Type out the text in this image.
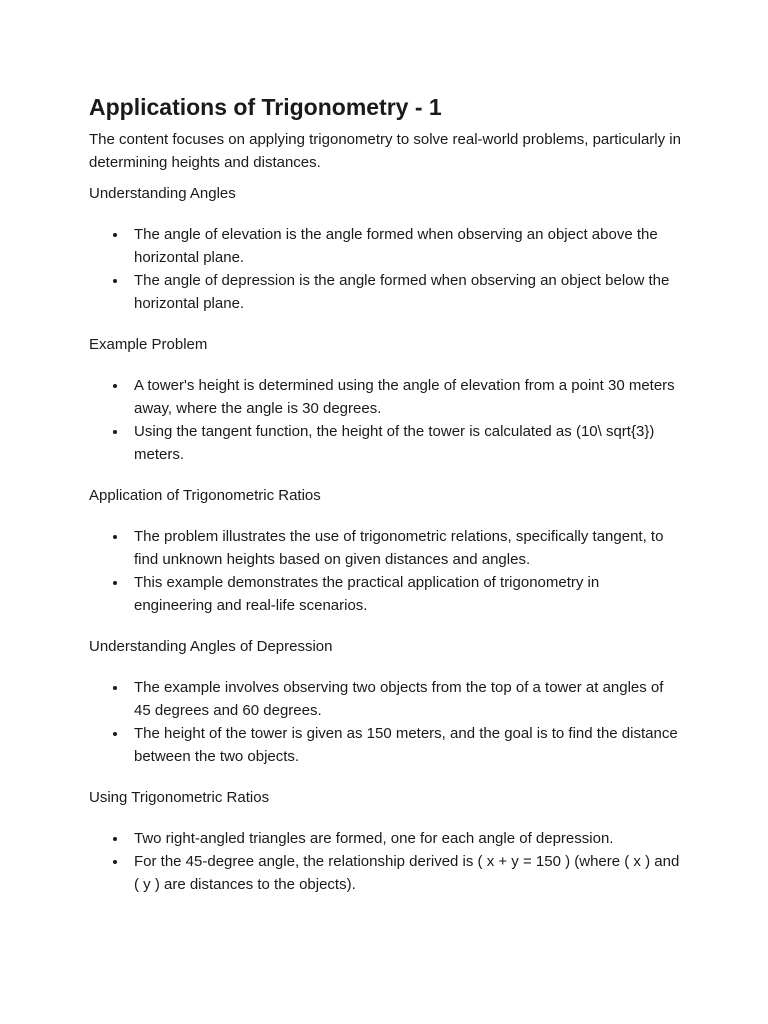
Applications of Trigonometry - 1

The content focuses on applying trigonometry to solve real-world problems, particularly in determining heights and distances.

Understanding Angles

The angle of elevation is the angle formed when observing an object above the horizontal plane.
The angle of depression is the angle formed when observing an object below the horizontal plane.

Example Problem

A tower's height is determined using the angle of elevation from a point 30 meters away, where the angle is 30 degrees.
Using the tangent function, the height of the tower is calculated as (10\ sqrt{3}) meters.

Application of Trigonometric Ratios

The problem illustrates the use of trigonometric relations, specifically tangent, to find unknown heights based on given distances and angles.
This example demonstrates the practical application of trigonometry in engineering and real-life scenarios.

Understanding Angles of Depression

The example involves observing two objects from the top of a tower at angles of 45 degrees and 60 degrees.
The height of the tower is given as 150 meters, and the goal is to find the distance between the two objects.

Using Trigonometric Ratios

Two right-angled triangles are formed, one for each angle of depression.
For the 45-degree angle, the relationship derived is ( x + y = 150 ) (where ( x ) and ( y ) are distances to the objects).
